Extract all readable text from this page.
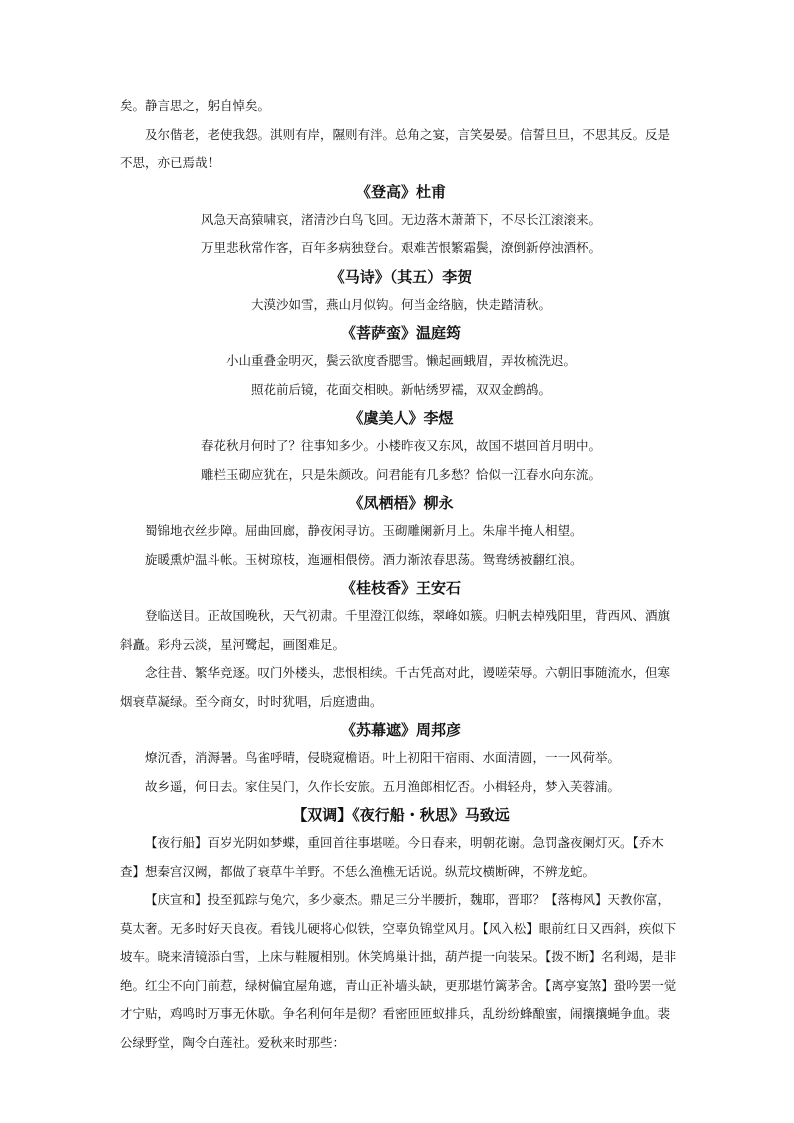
矣。静言思之，躬自悼矣。

及尔偕老，老使我怨。淇则有岸，隰则有泮。总角之宴，言笑晏晏。信誓旦旦，不思其反。反是不思，亦已焉哉！

《登高》杜甫

风急天高猿啸哀，渚清沙白鸟飞回。无边落木萧萧下，不尽长江滚滚来。

万里悲秋常作客，百年多病独登台。艰难苦恨繁霜鬓，潦倒新停浊酒杯。

《马诗》（其五）李贺

大漠沙如雪，燕山月似钩。何当金络脑，快走踏清秋。

《菩萨蛮》温庭筠

小山重叠金明灭，鬓云欲度香腮雪。懒起画蛾眉，弄妆梳洗迟。

照花前后镜，花面交相映。新帖绣罗襦，双双金鹧鸪。

《虞美人》李煜

春花秋月何时了？往事知多少。小楼昨夜又东风，故国不堪回首月明中。

雕栏玉砌应犹在，只是朱颜改。问君能有几多愁？恰似一江春水向东流。

《凤栖梧》柳永

蜀锦地衣丝步障。屈曲回廊，静夜闲寻访。玉砌雕阑新月上。朱扉半掩人相望。

旋暖熏炉温斗帐。玉树琼枝，迤逦相偎傍。酒力渐浓春思荡。鸳鸯绣被翻红浪。

《桂枝香》王安石

登临送目。正故国晚秋，天气初肃。千里澄江似练，翠峰如簇。归帆去棹残阳里，背西风、酒旗斜矗。彩舟云淡，星河鹭起，画图难足。

念往昔、繁华竞逐。叹门外楼头，悲恨相续。千古凭高对此，谩嗟荣辱。六朝旧事随流水，但寒烟衰草凝绿。至今商女，时时犹唱，后庭遗曲。

《苏幕遮》周邦彦

燎沉香，消溽暑。鸟雀呼晴，侵晓窥檐语。叶上初阳干宿雨、水面清圆，一一风荷举。

故乡遥，何日去。家住吴门，久作长安旅。五月渔郎相忆否。小楫轻舟，梦入芙蓉浦。

【双调】《夜行船・秋思》马致远

【夜行船】百岁光阴如梦蝶，重回首往事堪嗟。今日春来，明朝花谢。急罚盏夜阑灯灭。【乔木查】想秦宫汉阙，都做了衰草牛羊野。不恁么渔樵无话说。纵荒坟横断碑，不辨龙蛇。

【庆宣和】投至狐踪与兔穴，多少豪杰。鼎足三分半腰折，魏耶，晋耶？【落梅风】天教你富，莫太奢。无多时好天良夜。看钱儿硬将心似铁，空辜负锦堂风月。【风入松】眼前红日又西斜，疾似下坡车。晓来清镜添白雪，上床与鞋履相别。休笑鸠巢计拙，葫芦提一向装呆。【拨不断】名利竭，是非绝。红尘不向门前惹，绿树偏宜屋角遮，青山正补墙头缺，更那堪竹篱茅舍。【离亭宴煞】蛩吟罢一觉才宁贴，鸡鸣时万事无休歇。争名利何年是彻？看密匝匝蚁排兵，乱纷纷蜂酿蜜，闹攘攘蝇争血。裴公绿野堂，陶令白莲社。爱秋来时那些：
